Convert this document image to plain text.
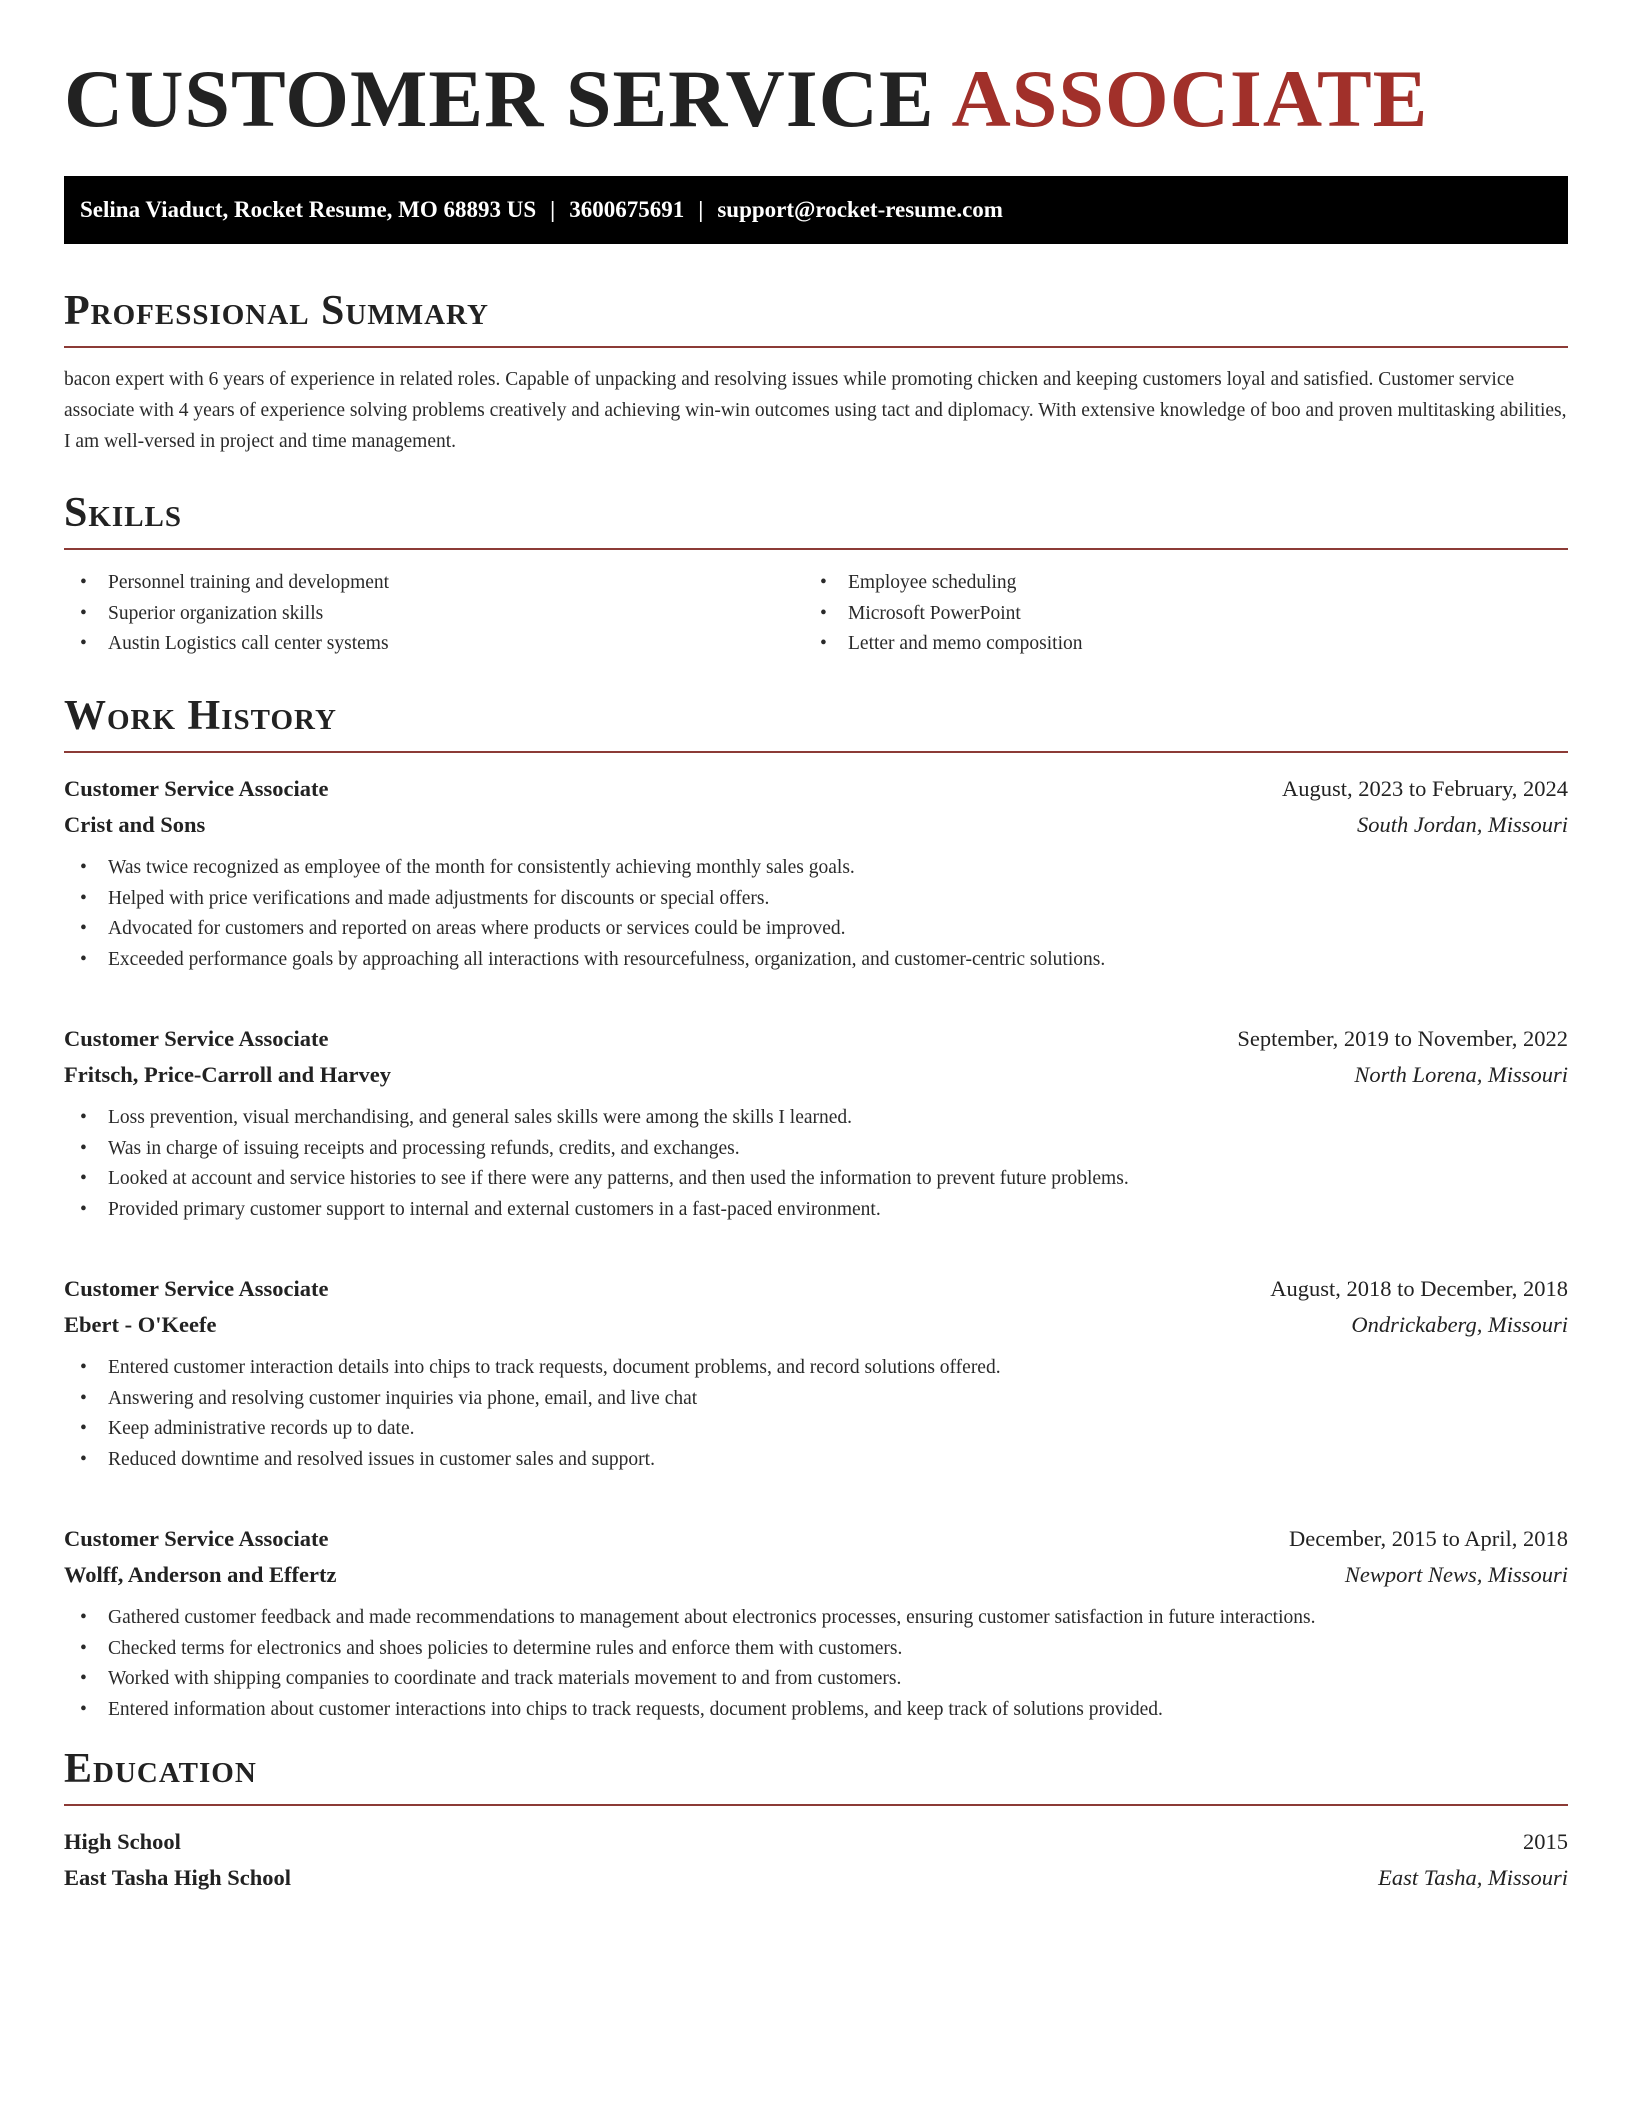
CUSTOMER SERVICE ASSOCIATE
Selina Viaduct, Rocket Resume, MO 68893 US | 3600675691 | support@rocket-resume.com
Professional Summary

bacon expert with 6 years of experience in related roles. Capable of unpacking and resolving issues while promoting chicken and keeping customers loyal and satisfied. Customer service associate with 4 years of experience solving problems creatively and achieving win-win outcomes using tact and diplomacy. With extensive knowledge of boo and proven multitasking abilities, I am well-versed in project and time management.

Skills
• Personnel training and development
• Superior organization skills
• Austin Logistics call center systems
• Employee scheduling
• Microsoft PowerPoint
• Letter and memo composition
Work History
Customer Service Associate	August, 2023 to February, 2024
Crist and Sons	South Jordan, Missouri
• Was twice recognized as employee of the month for consistently achieving monthly sales goals.
• Helped with price verifications and made adjustments for discounts or special offers.
• Advocated for customers and reported on areas where products or services could be improved.
• Exceeded performance goals by approaching all interactions with resourcefulness, organization, and customer-centric solutions.
Customer Service Associate	September, 2019 to November, 2022
Fritsch, Price-Carroll and Harvey	North Lorena, Missouri
• Loss prevention, visual merchandising, and general sales skills were among the skills I learned.
• Was in charge of issuing receipts and processing refunds, credits, and exchanges.
• Looked at account and service histories to see if there were any patterns, and then used the information to prevent future problems.
• Provided primary customer support to internal and external customers in a fast-paced environment.
Customer Service Associate	August, 2018 to December, 2018
Ebert - O'Keefe	Ondrickaberg, Missouri
• Entered customer interaction details into chips to track requests, document problems, and record solutions offered.
• Answering and resolving customer inquiries via phone, email, and live chat
• Keep administrative records up to date.
• Reduced downtime and resolved issues in customer sales and support.
Customer Service Associate	December, 2015 to April, 2018
Wolff, Anderson and Effertz	Newport News, Missouri
• Gathered customer feedback and made recommendations to management about electronics processes, ensuring customer satisfaction in future interactions.
• Checked terms for electronics and shoes policies to determine rules and enforce them with customers.
• Worked with shipping companies to coordinate and track materials movement to and from customers.
• Entered information about customer interactions into chips to track requests, document problems, and keep track of solutions provided.
Education
High School	2015
East Tasha High School	East Tasha, Missouri
